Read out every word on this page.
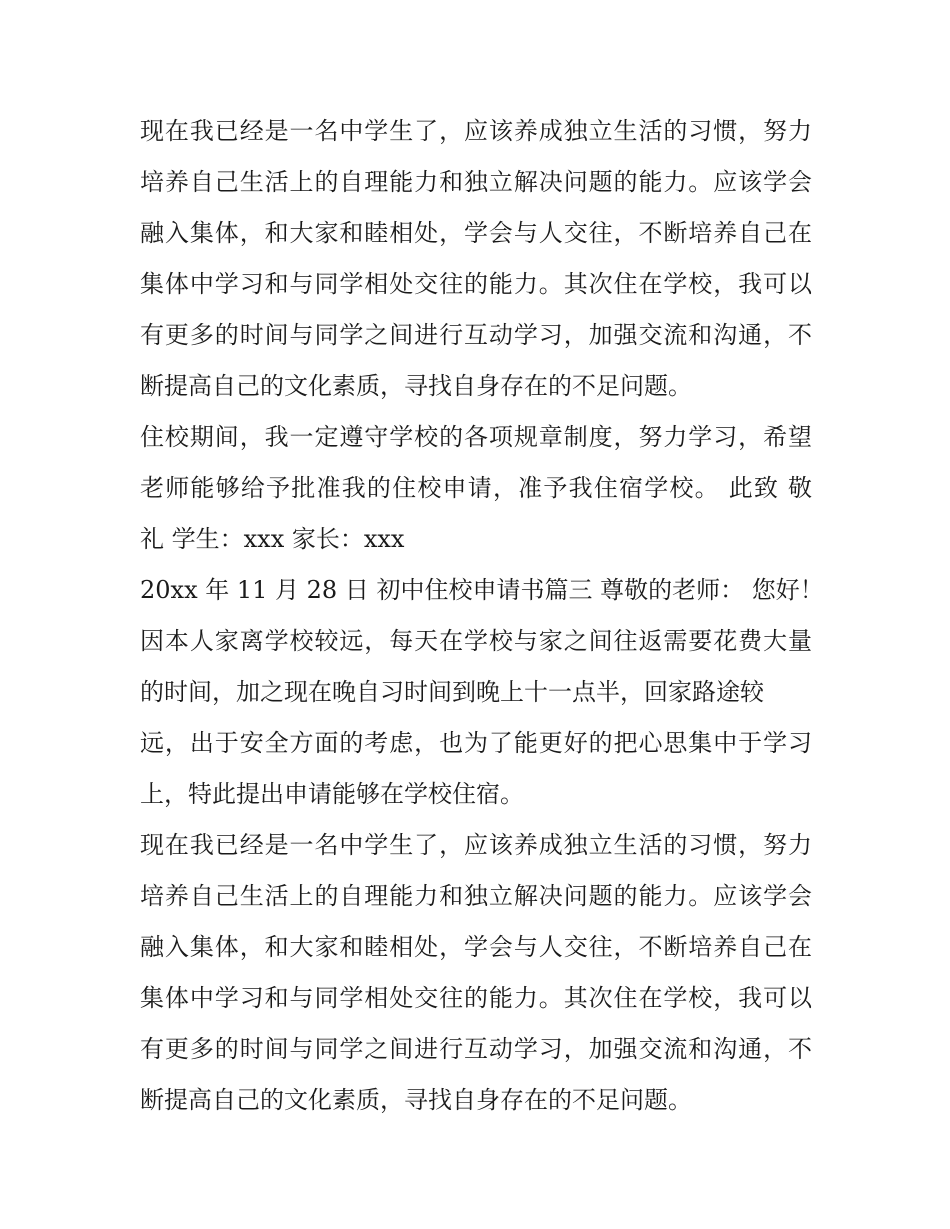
现在我已经是一名中学生了，应该养成独立生活的习惯，努力
培养自己生活上的自理能力和独立解决问题的能力。应该学会
融入集体，和大家和睦相处，学会与人交往，不断培养自己在
集体中学习和与同学相处交往的能力。其次住在学校，我可以
有更多的时间与同学之间进行互动学习，加强交流和沟通，不
断提高自己的文化素质，寻找自身存在的不足问题。
住校期间，我一定遵守学校的各项规章制度，努力学习，希望
老师能够给予批准我的住校申请，准予我住宿学校。 此致 敬
礼 学生：xxx 家长：xxx
20xx 年 11 月 28 日 初中住校申请书篇三 尊敬的老师： 您好！
因本人家离学校较远，每天在学校与家之间往返需要花费大量
的时间，加之现在晚自习时间到晚上十一点半，回家路途较
远，出于安全方面的考虑，也为了能更好的把心思集中于学习
上，特此提出申请能够在学校住宿。
现在我已经是一名中学生了，应该养成独立生活的习惯，努力
培养自己生活上的自理能力和独立解决问题的能力。应该学会
融入集体，和大家和睦相处，学会与人交往，不断培养自己在
集体中学习和与同学相处交往的能力。其次住在学校，我可以
有更多的时间与同学之间进行互动学习，加强交流和沟通，不
断提高自己的文化素质，寻找自身存在的不足问题。
